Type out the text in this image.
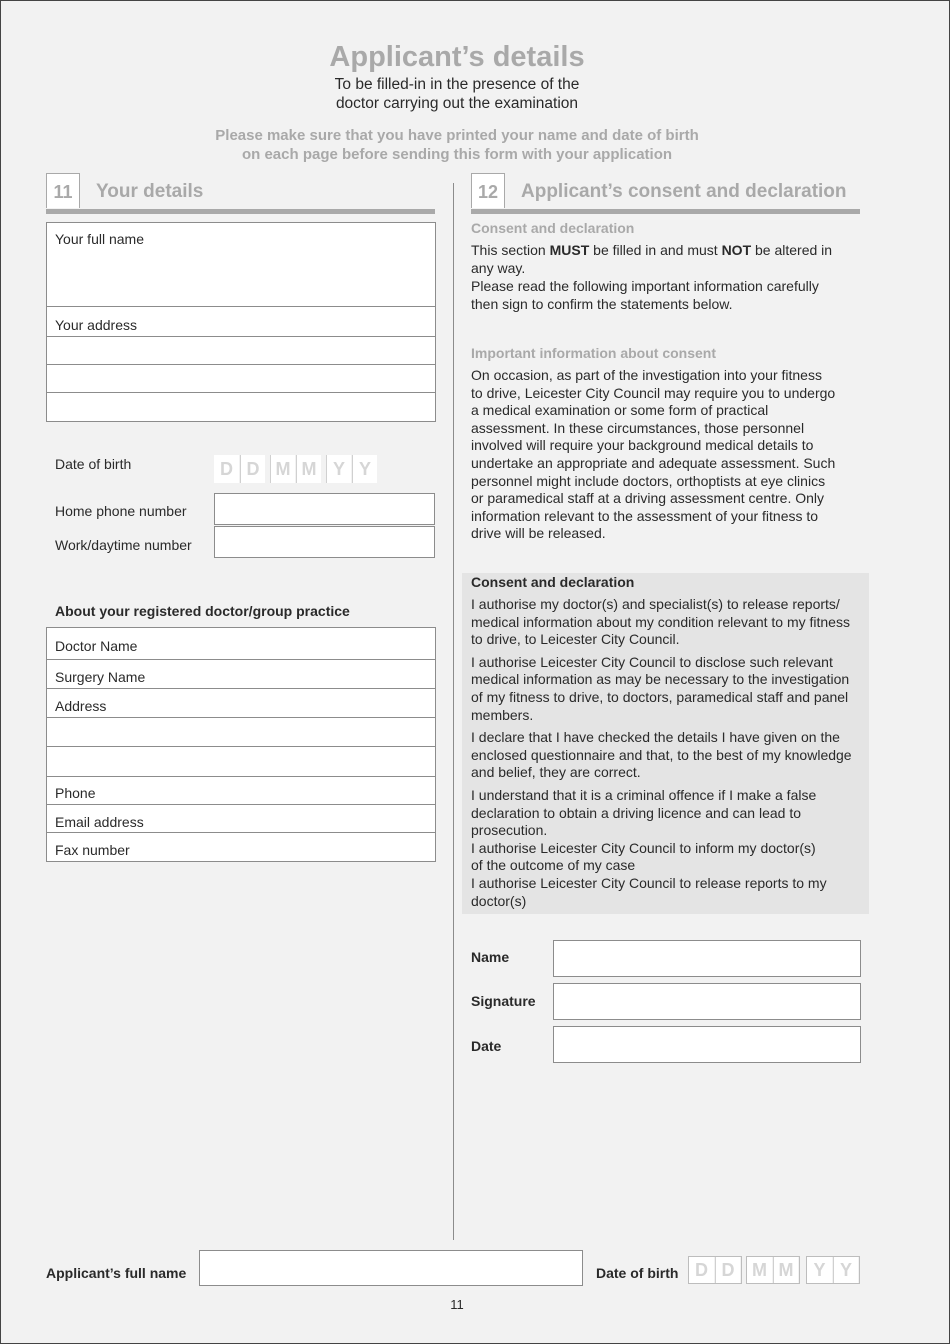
Applicant’s details
To be filled-in in the presence of the
doctor carrying out the examination
Please make sure that you have printed your name and date of birth
on each page before sending this form with your application
11	Your details
Your full name
Your address
Date of birth	D D M M Y Y
Home phone number
Work/daytime number
About your registered doctor/group practice
Doctor Name
Surgery Name
Address
Phone
Email address
Fax number
12	Applicant’s consent and declaration
Consent and declaration
This section MUST be filled in and must NOT be altered in any way.
Please read the following important information carefully then sign to confirm the statements below.
Important information about consent
On occasion, as part of the investigation into your fitness to drive, Leicester City Council may require you to undergo a medical examination or some form of practical assessment. In these circumstances, those personnel involved will require your background medical details to undertake an appropriate and adequate assessment. Such personnel might include doctors, orthoptists at eye clinics or paramedical staff at a driving assessment centre. Only information relevant to the assessment of your fitness to drive will be released.
Consent and declaration
I authorise my doctor(s) and specialist(s) to release reports/ medical information about my condition relevant to my fitness to drive, to Leicester City Council.
I authorise Leicester City Council to disclose such relevant medical information as may be necessary to the investigation of my fitness to drive, to doctors, paramedical staff and panel members.
I declare that I have checked the details I have given on the enclosed questionnaire and that, to the best of my knowledge and belief, they are correct.
I understand that it is a criminal offence if I make a false declaration to obtain a driving licence and can lead to prosecution.
I authorise Leicester City Council to inform my doctor(s) of the outcome of my case
I authorise Leicester City Council to release reports to my doctor(s)
Name
Signature
Date
Applicant’s full name	Date of birth D D M M	Y Y
11
